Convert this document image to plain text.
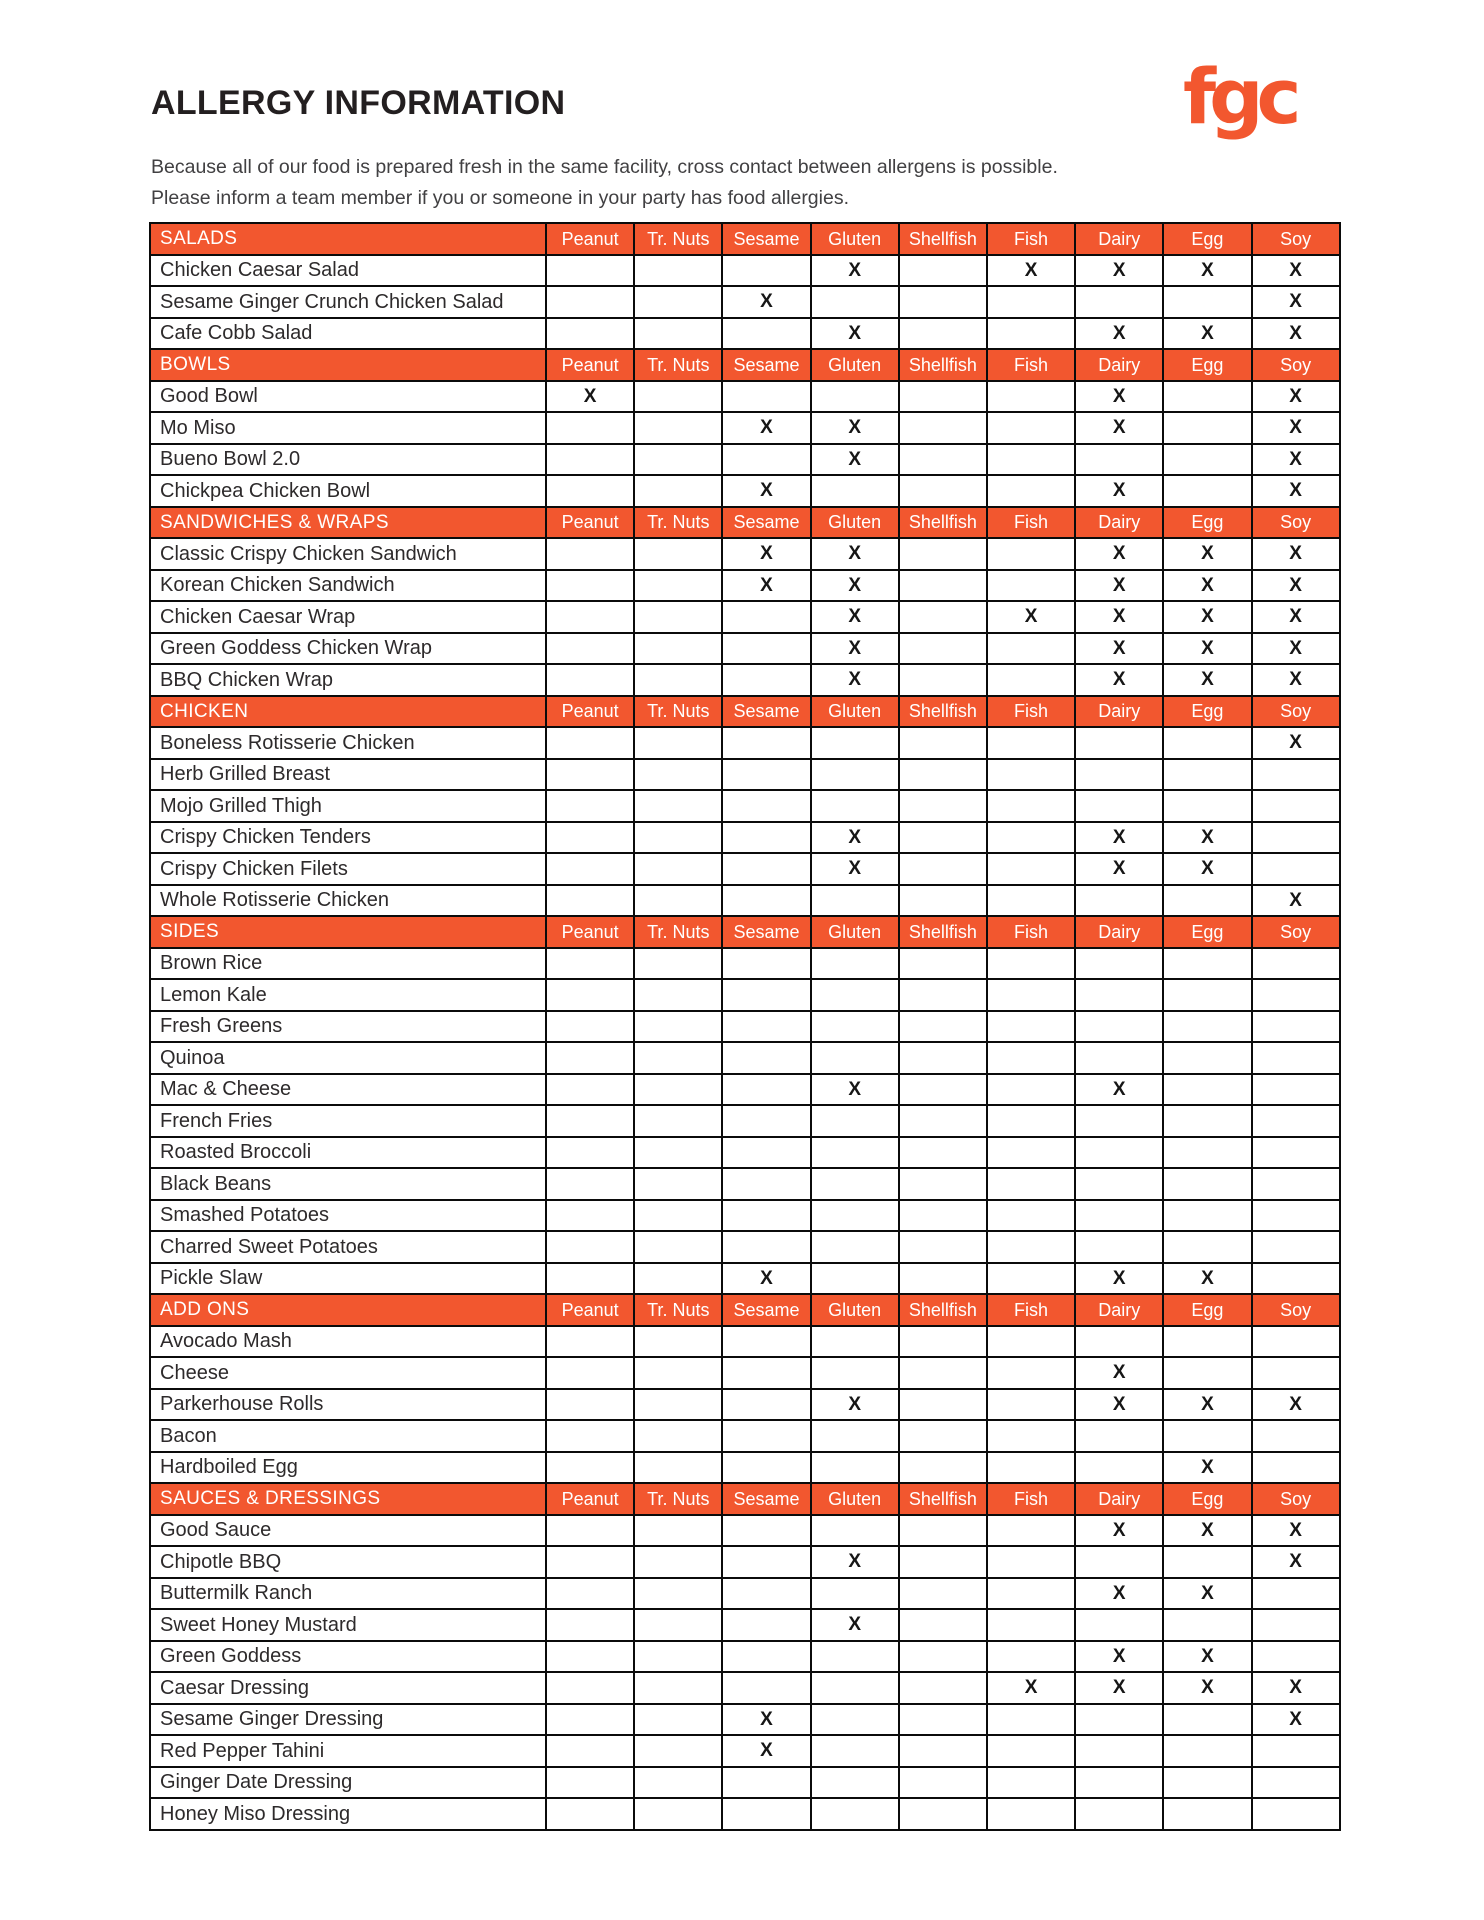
ALLERGY INFORMATION	fgc
Because all of our food is prepared fresh in the same facility, cross contact between allergens is possible.
Please inform a team member if you or someone in your party has food allergies.
SALADS	Peanut	Tr. Nuts	Sesame	Gluten	Shellfish	Fish	Dairy	Egg	Soy
Chicken Caesar Salad				X		X	X	X	X
Sesame Ginger Crunch Chicken Salad			X						X
Cafe Cobb Salad				X			X	X	X
BOWLS	Peanut	Tr. Nuts	Sesame	Gluten	Shellfish	Fish	Dairy	Egg	Soy
Good Bowl	X						X		X
Mo Miso			X	X			X		X
Bueno Bowl 2.0				X					X
Chickpea Chicken Bowl			X				X		X
SANDWICHES & WRAPS	Peanut	Tr. Nuts	Sesame	Gluten	Shellfish	Fish	Dairy	Egg	Soy
Classic Crispy Chicken Sandwich			X	X			X	X	X
Korean Chicken Sandwich			X	X			X	X	X
Chicken Caesar Wrap				X		X	X	X	X
Green Goddess Chicken Wrap				X			X	X	X
BBQ Chicken Wrap				X			X	X	X
CHICKEN	Peanut	Tr. Nuts	Sesame	Gluten	Shellfish	Fish	Dairy	Egg	Soy
Boneless Rotisserie Chicken									X
Herb Grilled Breast									
Mojo Grilled Thigh									
Crispy Chicken Tenders				X			X	X	
Crispy Chicken Filets				X			X	X	
Whole Rotisserie Chicken									X
SIDES	Peanut	Tr. Nuts	Sesame	Gluten	Shellfish	Fish	Dairy	Egg	Soy
Brown Rice									
Lemon Kale									
Fresh Greens									
Quinoa									
Mac & Cheese				X			X		
French Fries									
Roasted Broccoli									
Black Beans									
Smashed Potatoes									
Charred Sweet Potatoes									
Pickle Slaw			X				X	X	
ADD ONS	Peanut	Tr. Nuts	Sesame	Gluten	Shellfish	Fish	Dairy	Egg	Soy
Avocado Mash									
Cheese							X		
Parkerhouse Rolls				X			X	X	X
Bacon									
Hardboiled Egg								X	
SAUCES & DRESSINGS	Peanut	Tr. Nuts	Sesame	Gluten	Shellfish	Fish	Dairy	Egg	Soy
Good Sauce							X	X	X
Chipotle BBQ				X					X
Buttermilk Ranch							X	X	
Sweet Honey Mustard				X					
Green Goddess							X	X	
Caesar Dressing						X	X	X	X
Sesame Ginger Dressing			X						X
Red Pepper Tahini			X						
Ginger Date Dressing									
Honey Miso Dressing									
